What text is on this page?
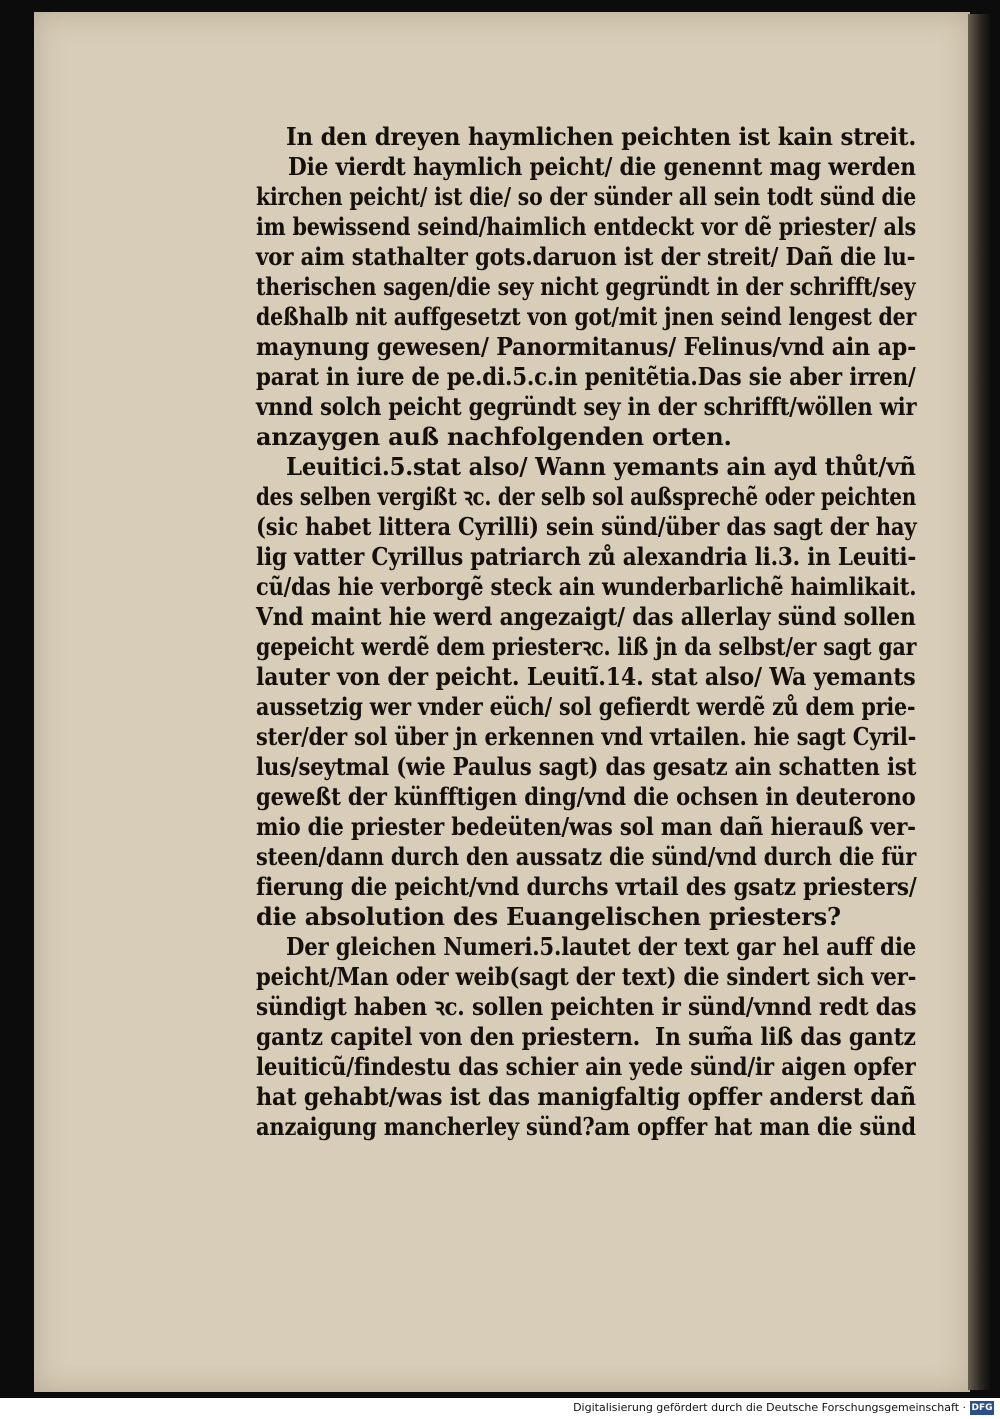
In den dreyen haymlichen peichten ist kain streit.
Die vierdt haymlich peicht/ die genennt mag werden
kirchen peicht/ ist die/ so der sünder all sein todt sünd die
im bewissend seind/haimlich entdeckt vor dẽ priester/ als
vor aim stathalter gots.daruon ist der streit/ Dañ die lu-
therischen sagen/die sey nicht gegründt in der schrifft/sey
deßhalb nit auffgesetzt von got/mit jnen seind lengest der
maynung gewesen/ Panormitanus/ Felinus/vnd ain ap-
parat in iure de pe.di.5.c.in penitẽtia.Das sie aber irren/
vnnd solch peicht gegründt sey in der schrifft/wöllen wir
anzaygen auß nachfolgenden orten.
Leuitici.5.stat also/ Wann yemants ain ayd thůt/vñ
des selben vergißt ꝛc. der selb sol außsprechẽ oder peichten
(sic habet littera Cyrilli) sein sünd/über das sagt der hay
lig vatter Cyrillus patriarch zů alexandria li.3. in Leuiti-
cũ/das hie verborgẽ steck ain wunderbarlichẽ haimlikait.
Vnd maint hie werd angezaigt/ das allerlay sünd sollen
gepeicht werdẽ dem priesterꝛc. liß jn da selbst/er sagt gar
lauter von der peicht. Leuitĩ.14. stat also/ Wa yemants
aussetzig wer vnder eüch/ sol gefierdt werdẽ zů dem prie-
ster/der sol über jn erkennen vnd vrtailen. hie sagt Cyril-
lus/seytmal (wie Paulus sagt) das gesatz ain schatten ist
geweßt der künfftigen ding/vnd die ochsen in deuterono
mio die priester bedeüten/was sol man dañ hierauß ver-
steen/dann durch den aussatz die sünd/vnd durch die für
fierung die peicht/vnd durchs vrtail des gsatz priesters/
die absolution des Euangelischen priesters?
Der gleichen Numeri.5.lautet der text gar hel auff die
peicht/Man oder weib(sagt der text) die sindert sich ver-
sündigt haben ꝛc. sollen peichten ir sünd/vnnd redt das
gantz capitel von den priestern.  In sum̃a liß das gantz
leuiticũ/findestu das schier ain yede sünd/ir aigen opfer
hat gehabt/was ist das manigfaltig opffer anderst dañ
anzaigung mancherley sünd?am opffer hat man die sünd
Digitalisierung gefördert durch die Deutsche Forschungsgemeinschaft · DFG
